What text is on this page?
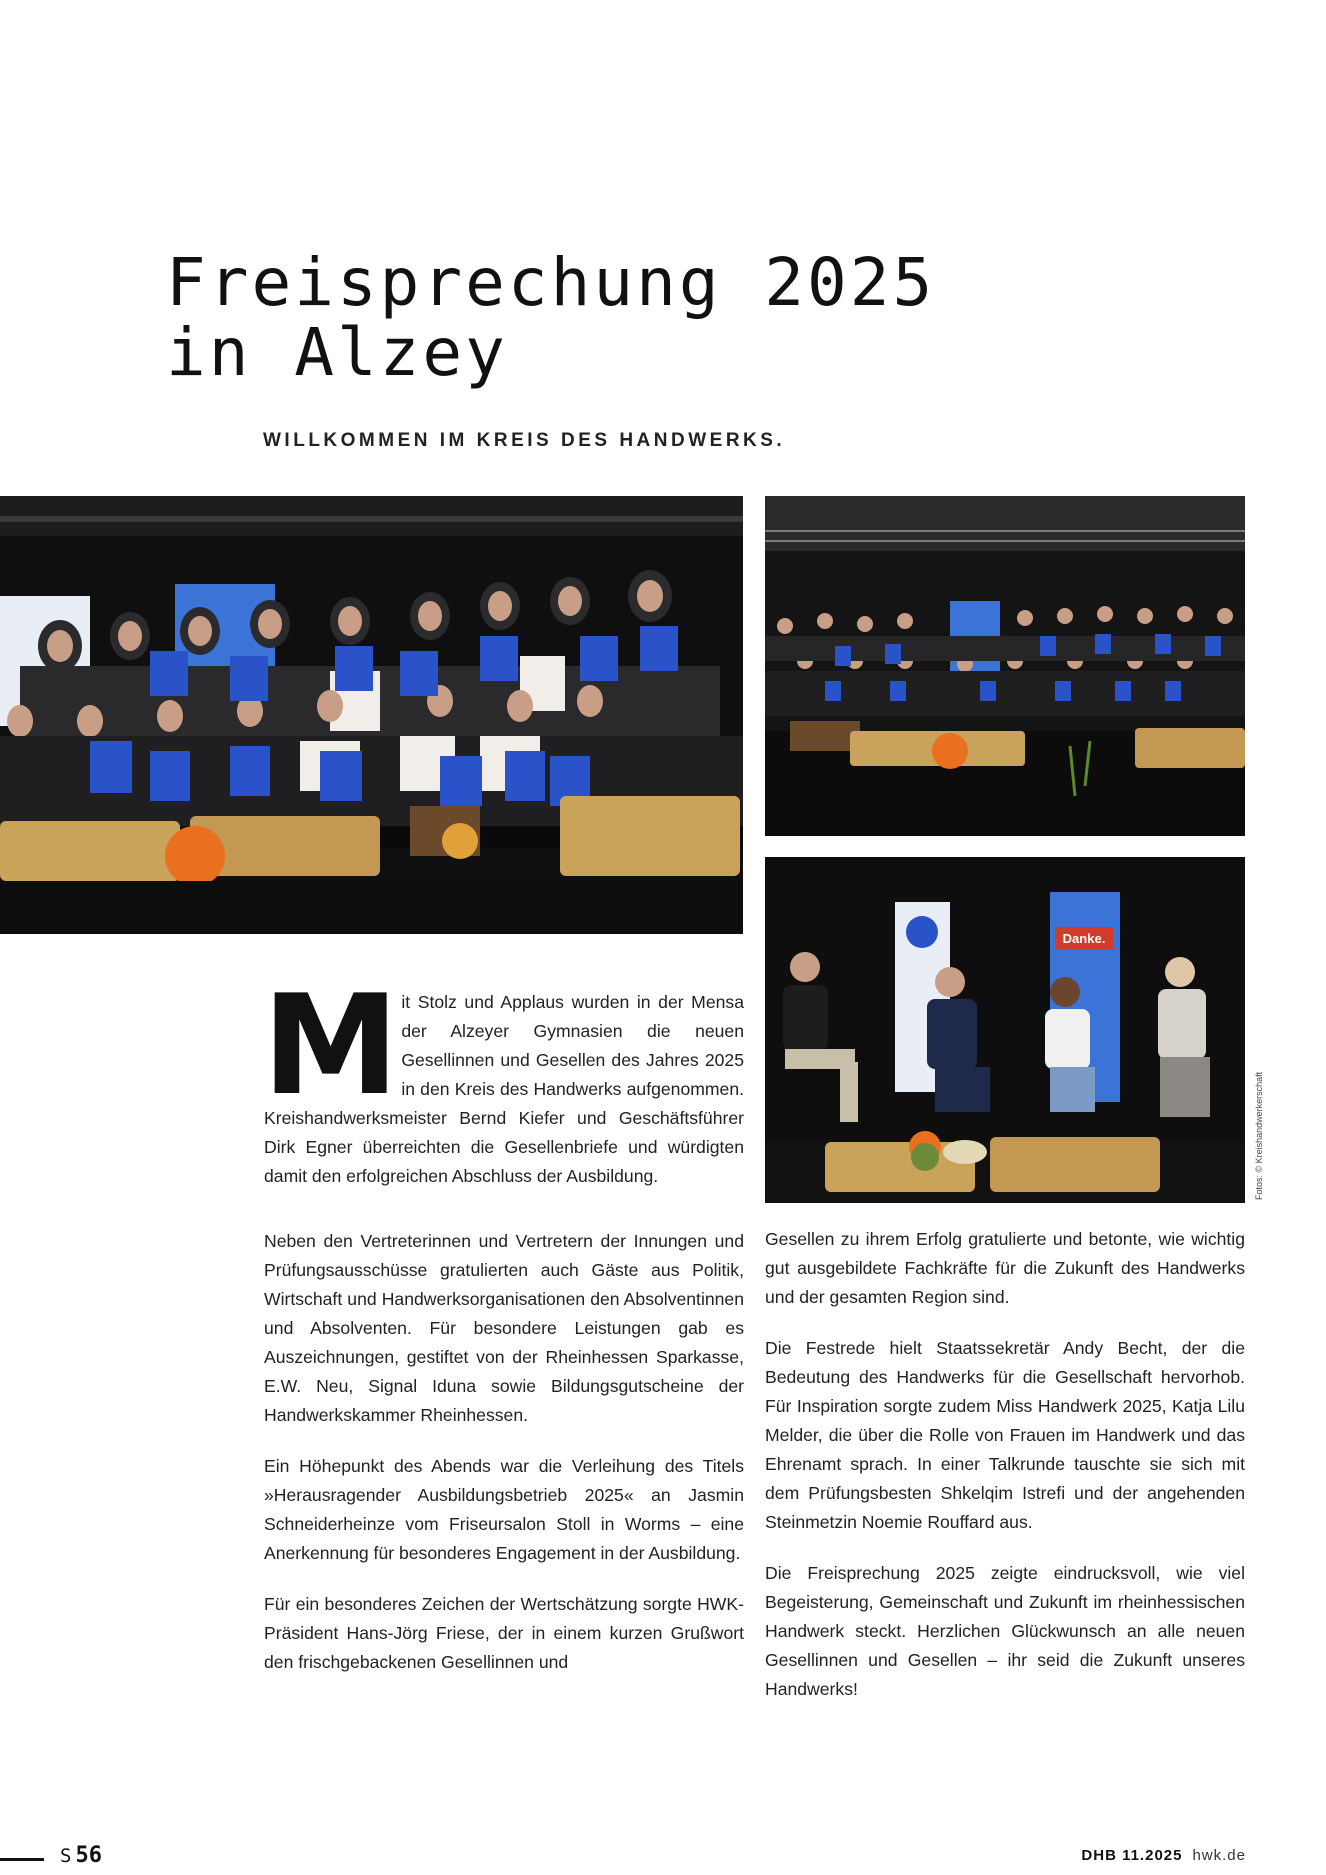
Freisprechung 2025
in Alzey
WILLKOMMEN IM KREIS DES HANDWERKS.
Danke.
Fotos: © Kreishandwerkerschaft

Mit Stolz und Applaus wurden in der Mensa der Alzeyer Gymnasien die neuen Gesellinnen und Gesellen des Jahres 2025 in den Kreis des Handwerks aufgenommen. Kreishandwerksmeister Bernd Kiefer und Geschäftsführer Dirk Egner überreichten die Gesellenbriefe und würdigten damit den erfolgreichen Abschluss der Ausbildung.

Neben den Vertreterinnen und Vertretern der Innungen und Prüfungsausschüsse gratulierten auch Gäste aus Politik, Wirtschaft und Handwerksorganisationen den Absolventinnen und Absolventen. Für besondere Leistungen gab es Auszeichnungen, gestiftet von der Rheinhessen Sparkasse, E.W. Neu, Signal Iduna sowie Bildungsgutscheine der Handwerkskammer Rheinhessen.

Ein Höhepunkt des Abends war die Verleihung des Titels »Herausragender Ausbildungsbetrieb 2025« an Jasmin Schneiderheinze vom Friseursalon Stoll in Worms – eine Anerkennung für besonderes Engagement in der Ausbildung.

Für ein besonderes Zeichen der Wertschätzung sorgte HWK-Präsident Hans-Jörg Friese, der in einem kurzen Grußwort den frischgebackenen Gesellinnen und

Gesellen zu ihrem Erfolg gratulierte und betonte, wie wichtig gut ausgebildete Fachkräfte für die Zukunft des Handwerks und der gesamten Region sind.

Die Festrede hielt Staatssekretär Andy Becht, der die Bedeutung des Handwerks für die Gesellschaft hervorhob. Für Inspiration sorgte zudem Miss Handwerk 2025, Katja Lilu Melder, die über die Rolle von Frauen im Handwerk und das Ehrenamt sprach. In einer Talkrunde tauschte sie sich mit dem Prüfungsbesten Shkelqim Istrefi und der angehenden Steinmetzin Noemie Rouffard aus.

Die Freisprechung 2025 zeigte eindrucksvoll, wie viel Begeisterung, Gemeinschaft und Zukunft im rheinhessischen Handwerk steckt. Herzlichen Glückwunsch an alle neuen Gesellinnen und Gesellen – ihr seid die Zukunft unseres Handwerks!

S 56	DHB 11.2025 hwk.de
